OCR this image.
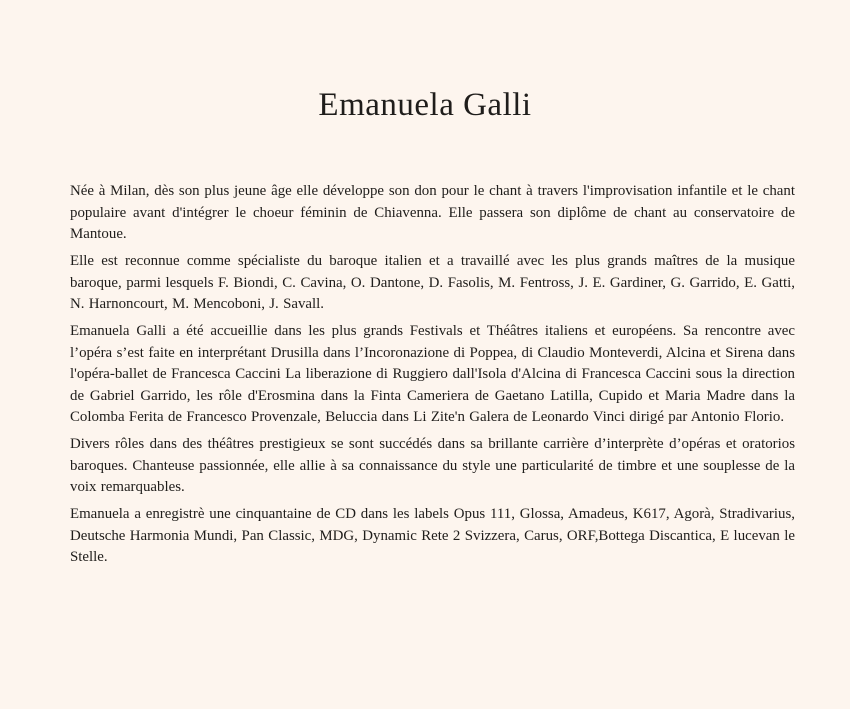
Emanuela Galli

Née à Milan, dès son plus jeune âge elle développe son don pour le chant à travers l'improvisation infantile et le chant populaire avant d'intégrer le choeur féminin de Chiavenna. Elle passera son diplôme de chant au conservatoire de Mantoue.

Elle est reconnue comme spécialiste du baroque italien et a travaillé avec les plus grands maîtres de la musique baroque, parmi lesquels F. Biondi, C. Cavina, O. Dantone, D. Fasolis, M. Fentross, J. E. Gardiner, G. Garrido, E. Gatti, N. Harnoncourt, M. Mencoboni, J. Savall.

Emanuela Galli a été accueillie dans les plus grands Festivals et Théâtres italiens et européens. Sa rencontre avec l’opéra s’est faite en interprétant Drusilla dans l’Incoronazione di Poppea, di Claudio Monteverdi, Alcina et Sirena dans l'opéra-ballet de Francesca Caccini La liberazione di Ruggiero dall'Isola d'Alcina di Francesca Caccini sous la direction de Gabriel Garrido, les rôle d'Erosmina dans la Finta Cameriera de Gaetano Latilla, Cupido et Maria Madre dans la Colomba Ferita de Francesco Provenzale, Beluccia dans Li Zite'n Galera de Leonardo Vinci dirigé par Antonio Florio.

Divers rôles dans des théâtres prestigieux se sont succédés dans sa brillante carrière d’interprète d’opéras et oratorios baroques. Chanteuse passionnée, elle allie à sa connaissance du style une particularité de timbre et une souplesse de la voix remarquables.

Emanuela a enregistrè une cinquantaine de CD dans les labels Opus 111, Glossa, Amadeus, K617, Agorà, Stradivarius, Deutsche Harmonia Mundi, Pan Classic, MDG, Dynamic Rete 2 Svizzera, Carus, ORF,Bottega Discantica, E lucevan le Stelle.
